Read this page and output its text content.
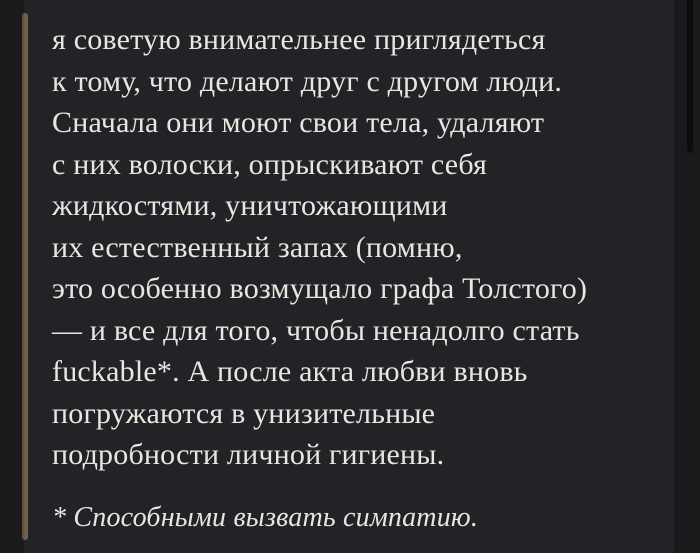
я советую внимательнее приглядеться
к тому, что делают друг с другом люди.
Сначала они моют свои тела, удаляют
с них волоски, опрыскивают себя
жидкостями, уничтожающими
их естественный запах (помню,
это особенно возмущало графа Толстого)
— и все для того, чтобы ненадолго стать
fuckable*. А после акта любви вновь
погружаются в унизительные
подробности личной гигиены.
* Способными вызвать симпатию.
